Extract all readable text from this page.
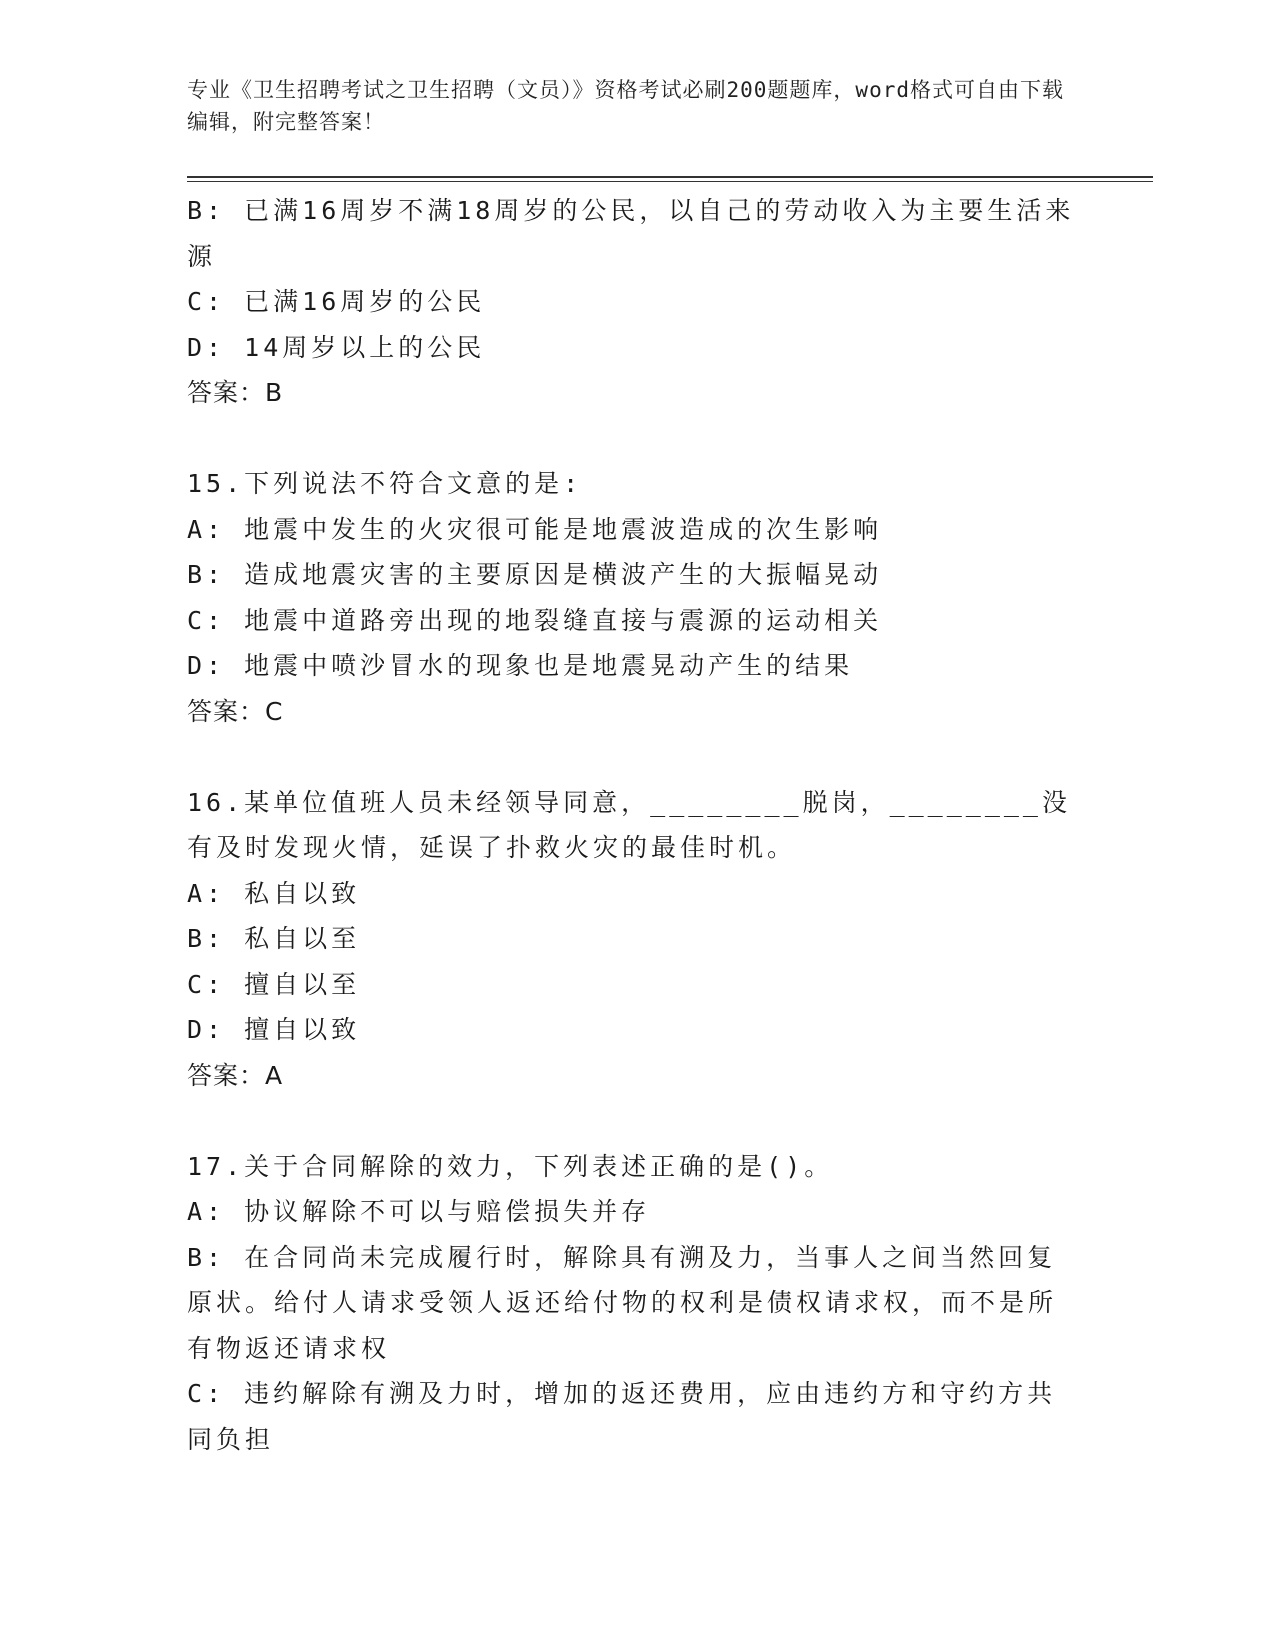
专业《卫生招聘考试之卫生招聘（文员）》资格考试必刷200题题库，word格式可自由下载编辑，附完整答案！

B: 已满16周岁不满18周岁的公民，以自己的劳动收入为主要生活来源

C: 已满16周岁的公民

D: 14周岁以上的公民

答案：B

15.下列说法不符合文意的是:

A: 地震中发生的火灾很可能是地震波造成的次生影响

B: 造成地震灾害的主要原因是横波产生的大振幅晃动

C: 地震中道路旁出现的地裂缝直接与震源的运动相关

D: 地震中喷沙冒水的现象也是地震晃动产生的结果

答案：C

16.某单位值班人员未经领导同意，________脱岗，________没有及时发现火情，延误了扑救火灾的最佳时机。

A: 私自以致

B: 私自以至

C: 擅自以至

D: 擅自以致

答案：A

17.关于合同解除的效力，下列表述正确的是()。

A: 协议解除不可以与赔偿损失并存

B: 在合同尚未完成履行时，解除具有溯及力，当事人之间当然回复原状。给付人请求受领人返还给付物的权利是债权请求权，而不是所有物返还请求权

C: 违约解除有溯及力时，增加的返还费用，应由违约方和守约方共同负担
